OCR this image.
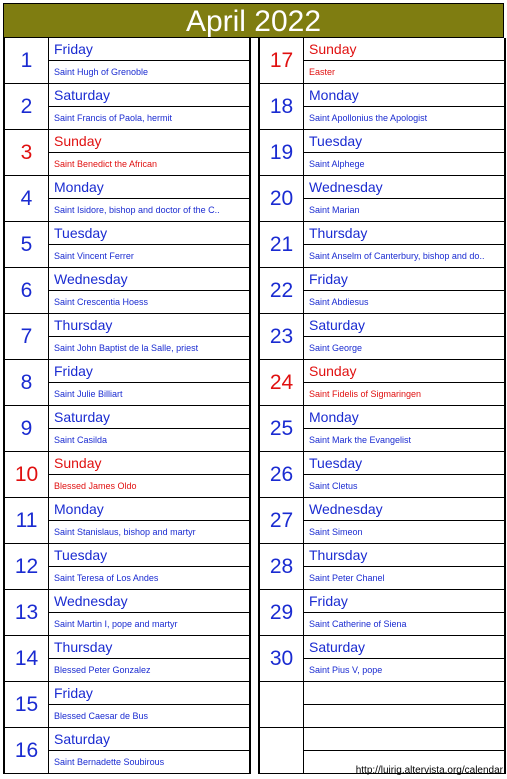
April 2022
1	Friday
Saint Hugh of Grenoble
2	Saturday
Saint Francis of Paola, hermit
3	Sunday
Saint Benedict the African
4	Monday
Saint Isidore, bishop and doctor of the C..
5	Tuesday
Saint Vincent Ferrer
6	Wednesday
Saint Crescentia Hoess
7	Thursday
Saint John Baptist de la Salle, priest
8	Friday
Saint Julie Billiart
9	Saturday
Saint Casilda
10	Sunday
Blessed James Oldo
11	Monday
Saint Stanislaus, bishop and martyr
12	Tuesday
Saint Teresa of Los Andes
13	Wednesday
Saint Martin I, pope and martyr
14	Thursday
Blessed Peter Gonzalez
15	Friday
Blessed Caesar de Bus
16	Saturday
Saint Bernadette Soubirous
17	Sunday
Easter
18	Monday
Saint Apollonius the Apologist
19	Tuesday
Saint Alphege
20	Wednesday
Saint Marian
21	Thursday
Saint Anselm of Canterbury, bishop and do..
22	Friday
Saint Abdiesus
23	Saturday
Saint George
24	Sunday
Saint Fidelis of Sigmaringen
25	Monday
Saint Mark the Evangelist
26	Tuesday
Saint Cletus
27	Wednesday
Saint Simeon
28	Thursday
Saint Peter Chanel
29	Friday
Saint Catherine of Siena
30	Saturday
Saint Pius V, pope
http://luirig.altervista.org/calendar
